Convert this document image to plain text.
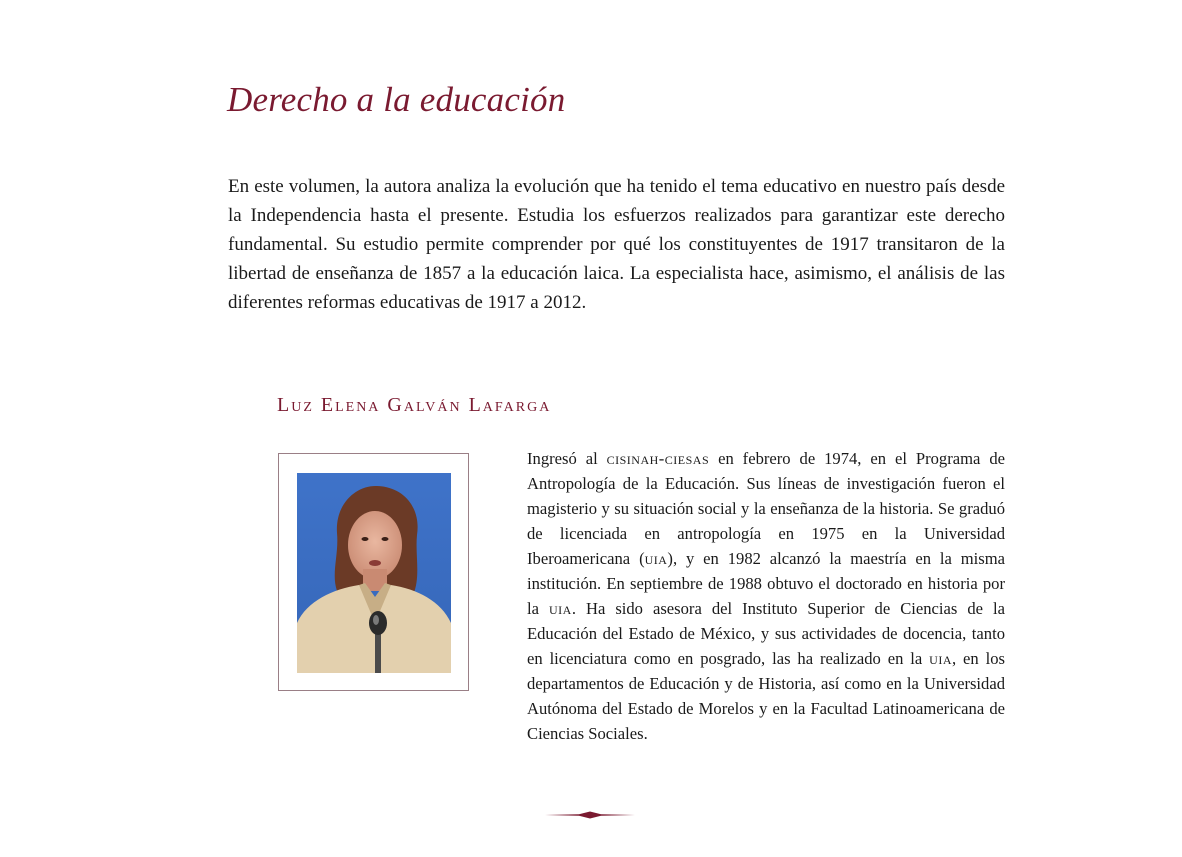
Derecho a la educación

En este volumen, la autora analiza la evolución que ha tenido el tema educativo en nuestro país desde la Independencia hasta el presente. Estudia los esfuerzos realizados para garantizar este derecho fundamental. Su estudio permite comprender por qué los constituyentes de 1917 transitaron de la libertad de enseñanza de 1857 a la educación laica. La especialista hace, asimismo, el análisis de las diferentes reformas educativas de 1917 a 2012.

Luz Elena Galván Lafarga

Ingresó al cisinah-ciesas en febrero de 1974, en el Programa de Antropología de la Educación. Sus líneas de investigación fueron el magisterio y su situación social y la enseñanza de la historia. Se graduó de licenciada en antropología en 1975 en la Universidad Iberoamericana (uia), y en 1982 alcanzó la maestría en la misma institución. En septiembre de 1988 obtuvo el doctorado en historia por la uia. Ha sido asesora del Instituto Superior de Ciencias de la Educación del Estado de México, y sus actividades de docencia, tanto en licenciatura como en posgrado, las ha realizado en la uia, en los departamentos de Educación y de Historia, así como en la Universidad Autónoma del Estado de Morelos y en la Facultad Latinoamericana de Ciencias Sociales.
